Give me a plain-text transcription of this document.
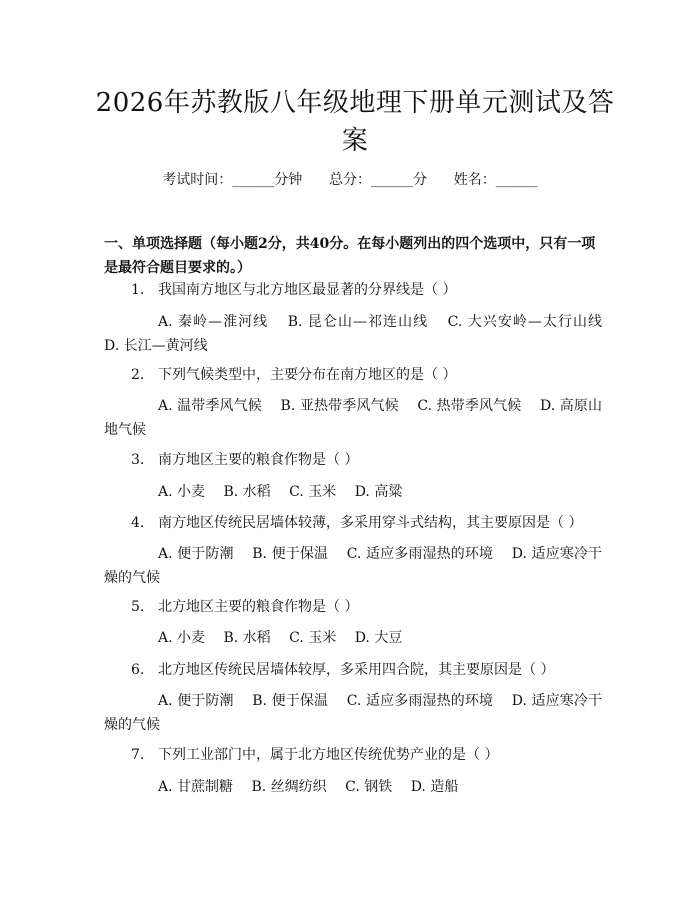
2026年苏教版八年级地理下册单元测试及答案
考试时间：______分钟      总分：______分      姓名：______
一、单项选择题（每小题2分，共40分。在每小题列出的四个选项中，只有一项是最符合题目要求的。）
1. 我国南方地区与北方地区最显著的分界线是（ ）
A. 秦岭—淮河线  B. 昆仑山—祁连山线  C. 大兴安岭—太行山线 D. 长江—黄河线
2. 下列气候类型中，主要分布在南方地区的是（ ）
A. 温带季风气候  B. 亚热带季风气候  C. 热带季风气候  D. 高原山地气候
3. 南方地区主要的粮食作物是（ ）
A. 小麦  B. 水稻  C. 玉米  D. 高粱
4. 南方地区传统民居墙体较薄，多采用穿斗式结构，其主要原因是（ ）
A. 便于防潮  B. 便于保温  C. 适应多雨湿热的环境  D. 适应寒冷干燥的气候
5. 北方地区主要的粮食作物是（ ）
A. 小麦  B. 水稻  C. 玉米  D. 大豆
6. 北方地区传统民居墙体较厚，多采用四合院，其主要原因是（ ）
A. 便于防潮  B. 便于保温  C. 适应多雨湿热的环境  D. 适应寒冷干燥的气候
7. 下列工业部门中，属于北方地区传统优势产业的是（ ）
A. 甘蔗制糖  B. 丝绸纺织  C. 钢铁  D. 造船
